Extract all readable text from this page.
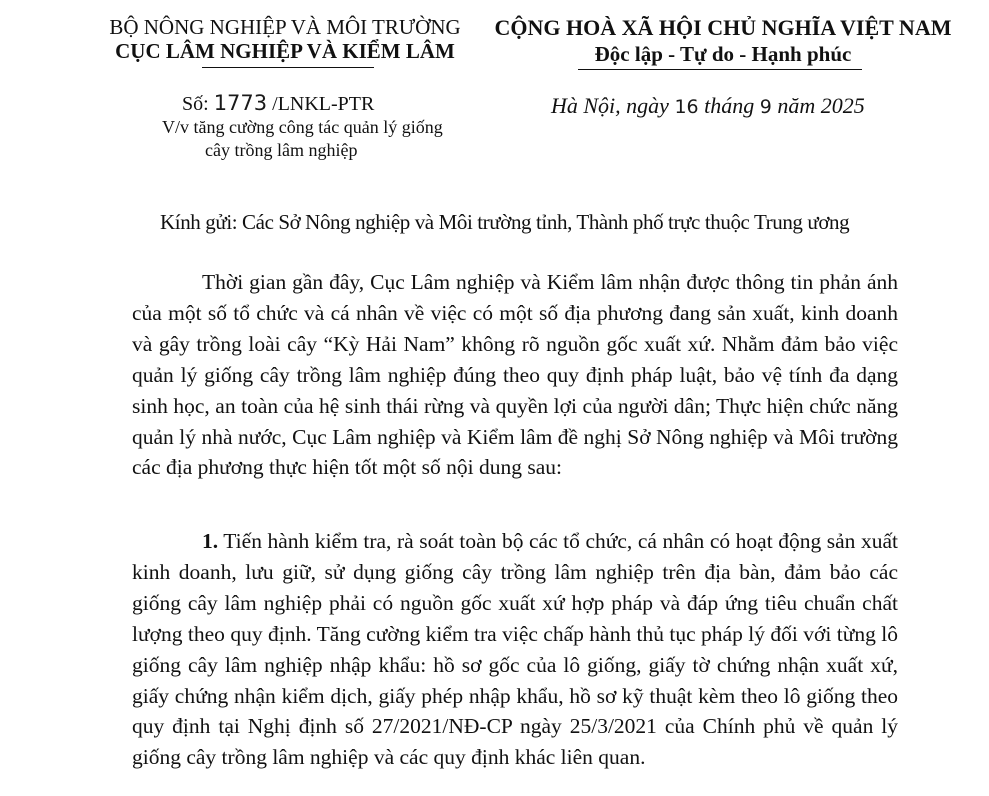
BỘ NÔNG NGHIỆP VÀ MÔI TRƯỜNG
CỤC LÂM NGHIỆP VÀ KIỂM LÂM
CỘNG HOÀ XÃ HỘI CHỦ NGHĨA VIỆT NAM
Độc lập - Tự do - Hạnh phúc
Số: 1773 /LNKL-PTR
V/v tăng cường công tác quản lý giống
cây trồng lâm nghiệp
Hà Nội, ngày 16 tháng 9 năm 2025
Kính gửi: Các Sở Nông nghiệp và Môi trường tỉnh, Thành phố trực thuộc Trung ương
Thời gian gần đây, Cục Lâm nghiệp và Kiểm lâm nhận được thông tin phản ánh của một số tổ chức và cá nhân về việc có một số địa phương đang sản xuất, kinh doanh và gây trồng loài cây “Kỳ Hải Nam” không rõ nguồn gốc xuất xứ. Nhằm đảm bảo việc quản lý giống cây trồng lâm nghiệp đúng theo quy định pháp luật, bảo vệ tính đa dạng sinh học, an toàn của hệ sinh thái rừng và quyền lợi của người dân; Thực hiện chức năng quản lý nhà nước, Cục Lâm nghiệp và Kiểm lâm đề nghị Sở Nông nghiệp và Môi trường các địa phương thực hiện tốt một số nội dung sau:
1. Tiến hành kiểm tra, rà soát toàn bộ các tổ chức, cá nhân có hoạt động sản xuất kinh doanh, lưu giữ, sử dụng giống cây trồng lâm nghiệp trên địa bàn, đảm bảo các giống cây lâm nghiệp phải có nguồn gốc xuất xứ hợp pháp và đáp ứng tiêu chuẩn chất lượng theo quy định. Tăng cường kiểm tra việc chấp hành thủ tục pháp lý đối với từng lô giống cây lâm nghiệp nhập khẩu: hồ sơ gốc của lô giống, giấy tờ chứng nhận xuất xứ, giấy chứng nhận kiểm dịch, giấy phép nhập khẩu, hồ sơ kỹ thuật kèm theo lô giống theo quy định tại Nghị định số 27/2021/NĐ-CP ngày 25/3/2021 của Chính phủ về quản lý giống cây trồng lâm nghiệp và các quy định khác liên quan.
